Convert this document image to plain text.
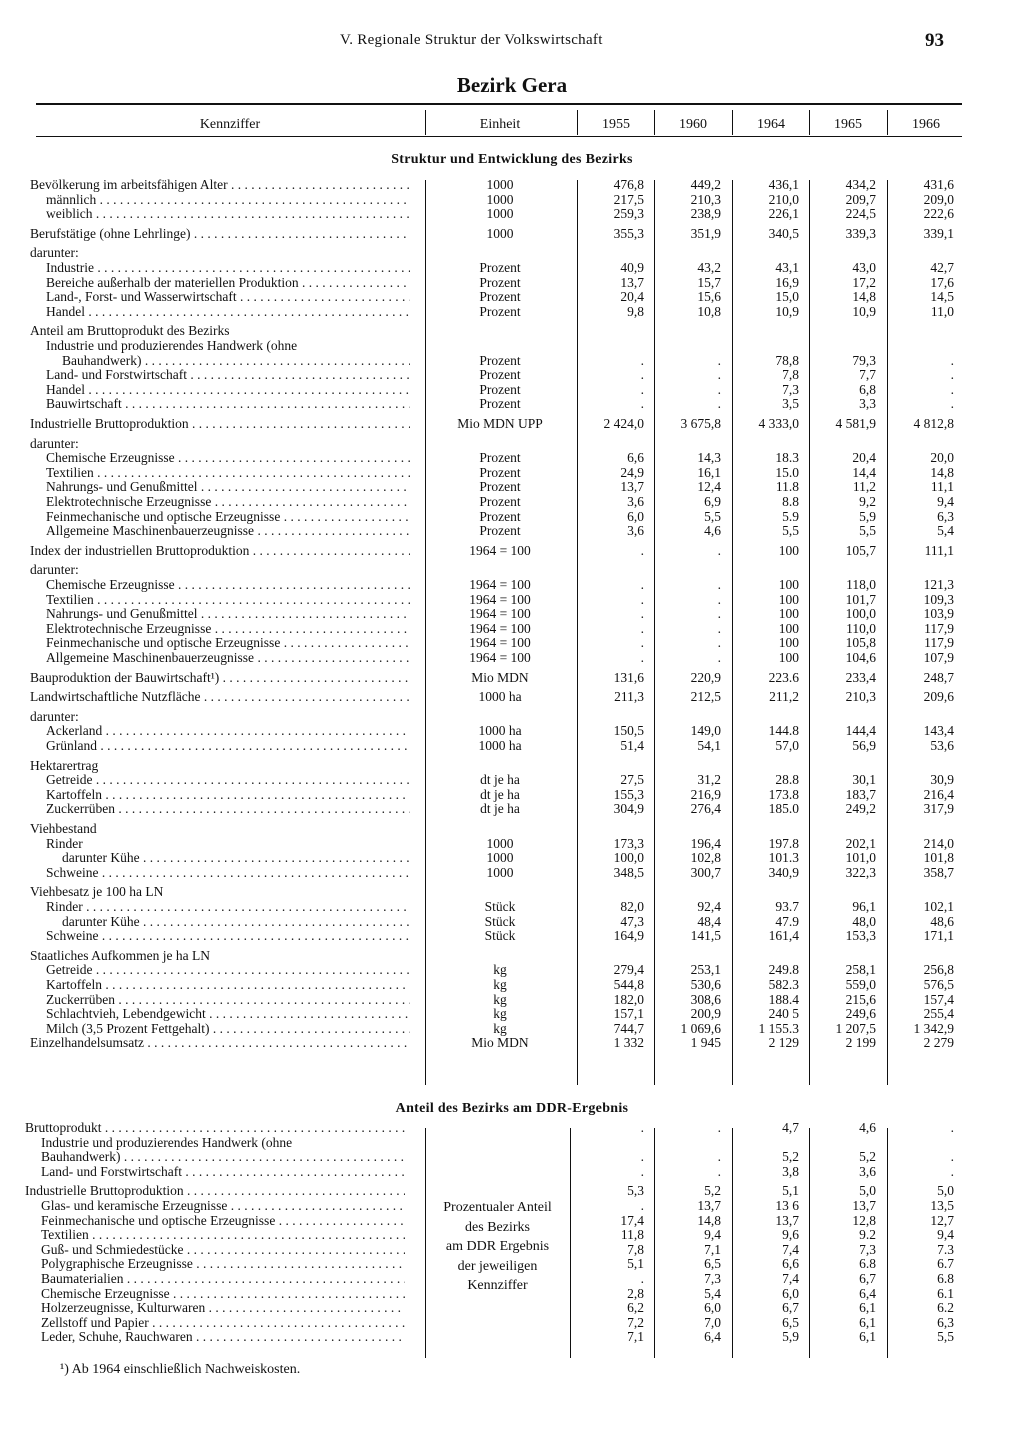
V. Regionale Struktur der Volkswirtschaft	93
Bezirk Gera
Kennziffer	Einheit	1955	1960	1964	1965	1966
Struktur und Entwicklung des Bezirks
Anteil des Bezirks am DDR-Ergebnis
Bevölkerung im arbeitsfähigen Alter . . .	1000	476,8	449,2	436,1	434,2	431,6
männlich . . .	1000	217,5	210,3	210,0	209,7	209,0
weiblich . . .	1000	259,3	238,9	226,1	224,5	222,6
Berufstätige (ohne Lehrlinge) . . .	1000	355,3	351,9	340,5	339,3	339,1
darunter:
Industrie . . .	Prozent	40,9	43,2	43,1	43,0	42,7
Bereiche außerhalb der materiellen Produktion . . .	Prozent	13,7	15,7	16,9	17,2	17,6
Land-, Forst- und Wasserwirtschaft . . .	Prozent	20,4	15,6	15,0	14,8	14,5
Handel . . .	Prozent	9,8	10,8	10,9	10,9	11,0
Anteil am Bruttoprodukt des Bezirks
Industrie und produzierendes Handwerk (ohne
Bauhandwerk) . . .	Prozent	.	.	78,8	79,3	.
Land- und Forstwirtschaft . . .	Prozent	.	.	7,8	7,7	.
Handel . . .	Prozent	.	.	7,3	6,8	.
Bauwirtschaft . . .	Prozent	.	.	3,5	3,3	.
Industrielle Bruttoproduktion . . .	Mio MDN UPP	2 424,0	3 675,8	4 333,0	4 581,9	4 812,8
darunter:
Chemische Erzeugnisse . . .	Prozent	6,6	14,3	18.3	20,4	20,0
Textilien . . .	Prozent	24,9	16,1	15.0	14,4	14,8
Nahrungs- und Genußmittel . . .	Prozent	13,7	12,4	11.8	11,2	11,1
Elektrotechnische Erzeugnisse . . .	Prozent	3,6	6,9	8.8	9,2	9,4
Feinmechanische und optische Erzeugnisse . . .	Prozent	6,0	5,5	5.9	5,9	6,3
Allgemeine Maschinenbauerzeugnisse . . .	Prozent	3,6	4,6	5,5	5,5	5,4
Index der industriellen Bruttoproduktion . . .	1964 = 100	.	.	100	105,7	111,1
darunter:
Chemische Erzeugnisse . . .	1964 = 100	.	.	100	118,0	121,3
Textilien . . .	1964 = 100	.	.	100	101,7	109,3
Nahrungs- und Genußmittel . . .	1964 = 100	.	.	100	100,0	103,9
Elektrotechnische Erzeugnisse . . .	1964 = 100	.	.	100	110,0	117,9
Feinmechanische und optische Erzeugnisse . . .	1964 = 100	.	.	100	105,8	117,9
Allgemeine Maschinenbauerzeugnisse . . .	1964 = 100	.	.	100	104,6	107,9
Bauproduktion der Bauwirtschaft¹) . . .	Mio MDN	131,6	220,9	223.6	233,4	248,7
Landwirtschaftliche Nutzfläche . . .	1000 ha	211,3	212,5	211,2	210,3	209,6
darunter:
Ackerland . . .	1000 ha	150,5	149,0	144.8	144,4	143,4
Grünland . . .	1000 ha	51,4	54,1	57,0	56,9	53,6
Hektarertrag
Getreide . . .	dt je ha	27,5	31,2	28.8	30,1	30,9
Kartoffeln . . .	dt je ha	155,3	216,9	173.8	183,7	216,4
Zuckerrüben . . .	dt je ha	304,9	276,4	185.0	249,2	317,9
Viehbestand
Rinder	1000	173,3	196,4	197.8	202,1	214,0
darunter Kühe . . .	1000	100,0	102,8	101.3	101,0	101,8
Schweine . . .	1000	348,5	300,7	340,9	322,3	358,7
Viehbesatz je 100 ha LN
Rinder . . .	Stück	82,0	92,4	93.7	96,1	102,1
darunter Kühe . . .	Stück	47,3	48,4	47.9	48,0	48,6
Schweine . . .	Stück	164,9	141,5	161,4	153,3	171,1
Staatliches Aufkommen je ha LN
Getreide . . .	kg	279,4	253,1	249.8	258,1	256,8
Kartoffeln . . .	kg	544,8	530,6	582.3	559,0	576,5
Zuckerrüben . . .	kg	182,0	308,6	188.4	215,6	157,4
Schlachtvieh, Lebendgewicht . . .	kg	157,1	200,9	240 5	249,6	255,4
Milch (3,5 Prozent Fettgehalt) . . .	kg	744,7	1 069,6	1 155.3	1 207,5	1 342,9
Einzelhandelsumsatz . . .	Mio MDN	1 332	1 945	2 129	2 199	2 279
Bruttoprodukt . . .	.	.	4,7	4,6	.
Industrie und produzierendes Handwerk (ohne
Bauhandwerk) . . .	.	.	5,2	5,2	.
Land- und Forstwirtschaft . . .	.	.	3,8	3,6	.
Industrielle Bruttoproduktion . . .	5,3	5,2	5,1	5,0	5,0
Glas- und keramische Erzeugnisse . . .	.	13,7	13 6	13,7	13,5
Feinmechanische und optische Erzeugnisse . . .	17,4	14,8	13,7	12,8	12,7
Textilien . . .	11,8	9,4	9,6	9.2	9,4
Guß- und Schmiedestücke . . .	7,8	7,1	7,4	7,3	7.3
Polygraphische Erzeugnisse . . .	5,1	6,5	6,6	6.8	6.7
Baumaterialien . . .	.	7,3	7,4	6,7	6.8
Chemische Erzeugnisse . . .	2,8	5,4	6,0	6,4	6.1
Holzerzeugnisse, Kulturwaren . . .	6,2	6,0	6,7	6,1	6.2
Zellstoff und Papier . . .	7,2	7,0	6,5	6,1	6,3
Leder, Schuhe, Rauchwaren . . .	7,1	6,4	5,9	6,1	5,5
Prozentualer Anteil
des Bezirks
am DDR Ergebnis
der jeweiligen
Kennziffer
¹) Ab 1964 einschließlich Nachweiskosten.
